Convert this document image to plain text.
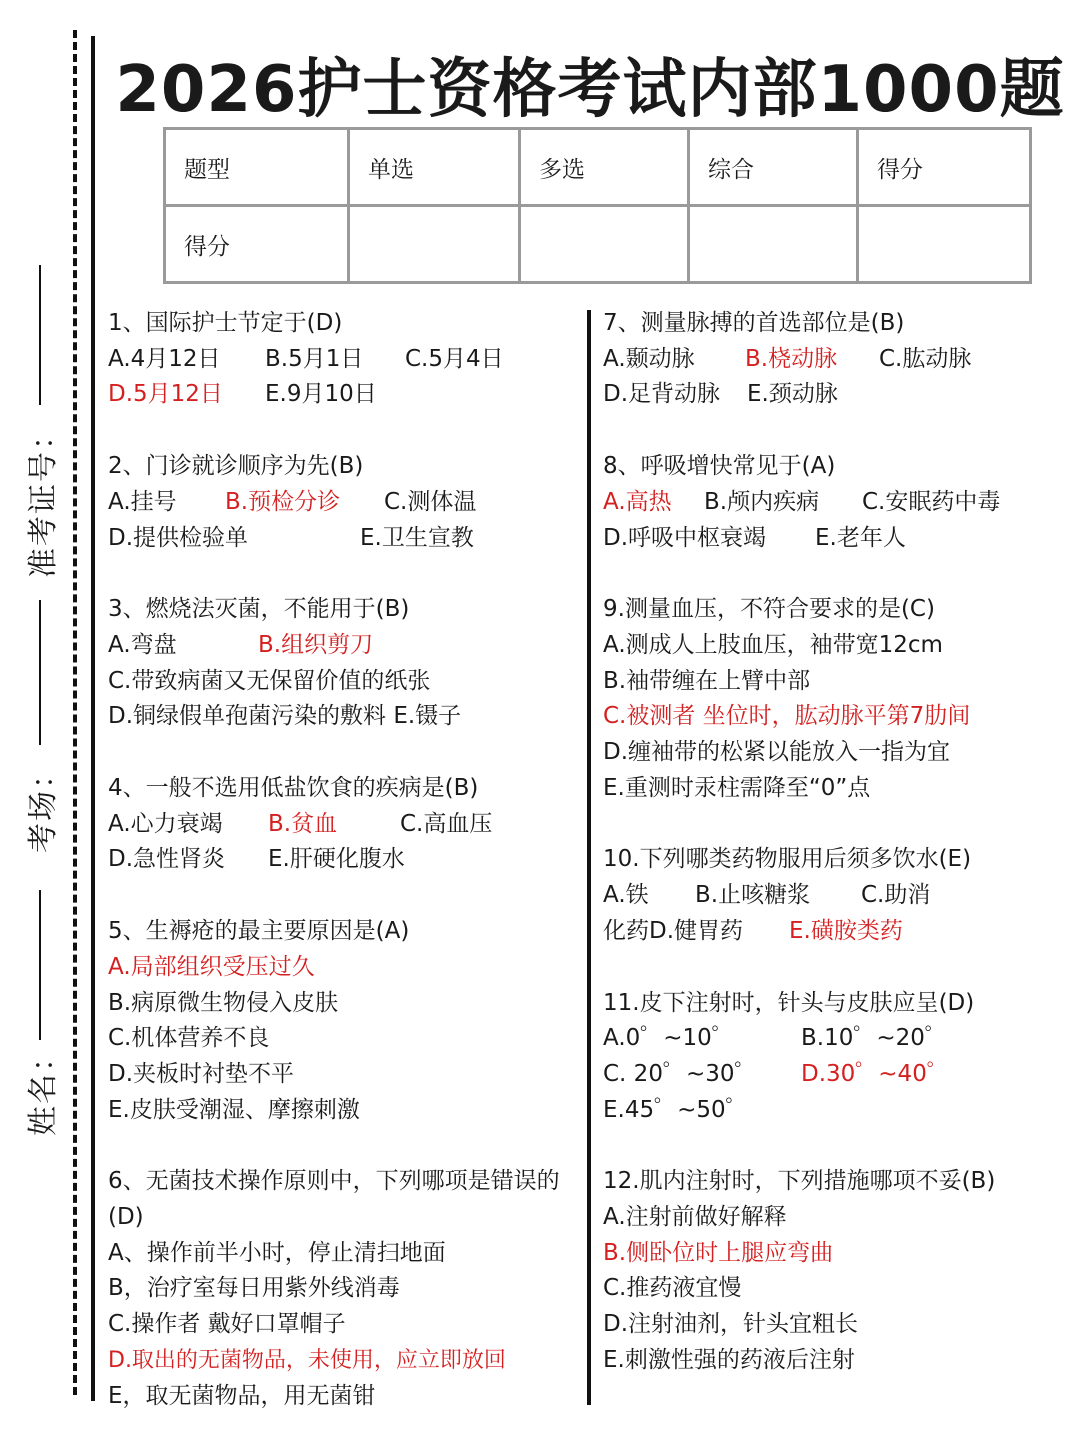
准考证号：
考场：
姓名：
2026护士资格考试内部1000题
题型	单选	多选	综合	得分
得分				
1、国际护士节定于(D)
A.4月12日 B.5月1日 C.5月4日
D.5月12日 E.9月10日
2、门诊就诊顺序为先(B)
A.挂号 B.预检分诊 C.测体温
D.提供检验单	E.卫生宣教
3、燃烧法灭菌，不能用于(B)
A.弯盘	B.组织剪刀
C.带致病菌又无保留价值的纸张
D.铜绿假单孢菌污染的敷料 E.镊子
4、一般不选用低盐饮食的疾病是(B)
A.心力衰竭 B.贫血	C.高血压
D.急性肾炎 E.肝硬化腹水
5、生褥疮的最主要原因是(A)
A.局部组织受压过久
B.病原微生物侵入皮肤
C.机体营养不良
D.夹板时衬垫不平
E.皮肤受潮湿、摩擦刺激
6、无菌技术操作原则中，下列哪项是错误的(D)
A、操作前半小时，停止清扫地面
B，治疗室每日用紫外线消毒
C.操作者 戴好口罩帽子
D.取出的无菌物品，未使用，应立即放回
E，取无菌物品，用无菌钳
7、测量脉搏的首选部位是(B)
A.颞动脉 B.桡动脉 C.肱动脉
D.足背动脉 E.颈动脉
8、呼吸增快常见于(A)
A.高热 B.颅内疾病 C.安眠药中毒
D.呼吸中枢衰竭 E.老年人
9.测量血压，不符合要求的是(C)
A.测成人上肢血压，袖带宽12cm
B.袖带缠在上臂中部
C.被测者 坐位时，肱动脉平第7肋间
D.缠袖带的松紧以能放入一指为宜
E.重测时汞柱需降至“0”点
10.下列哪类药物服用后须多饮水(E)
A.铁 B.止咳糖浆 C.助消
化药D.健胃药 E.磺胺类药
11.皮下注射时，针头与皮肤应呈(D)
A.0゜~10゜	B.10゜~20゜
C. 20゜~30゜ D.30゜~40゜
E.45゜~50゜
12.肌内注射时，下列措施哪项不妥(B)
A.注射前做好解释
B.侧卧位时上腿应弯曲
C.推药液宜慢
D.注射油剂，针头宜粗长
E.刺激性强的药液后注射
